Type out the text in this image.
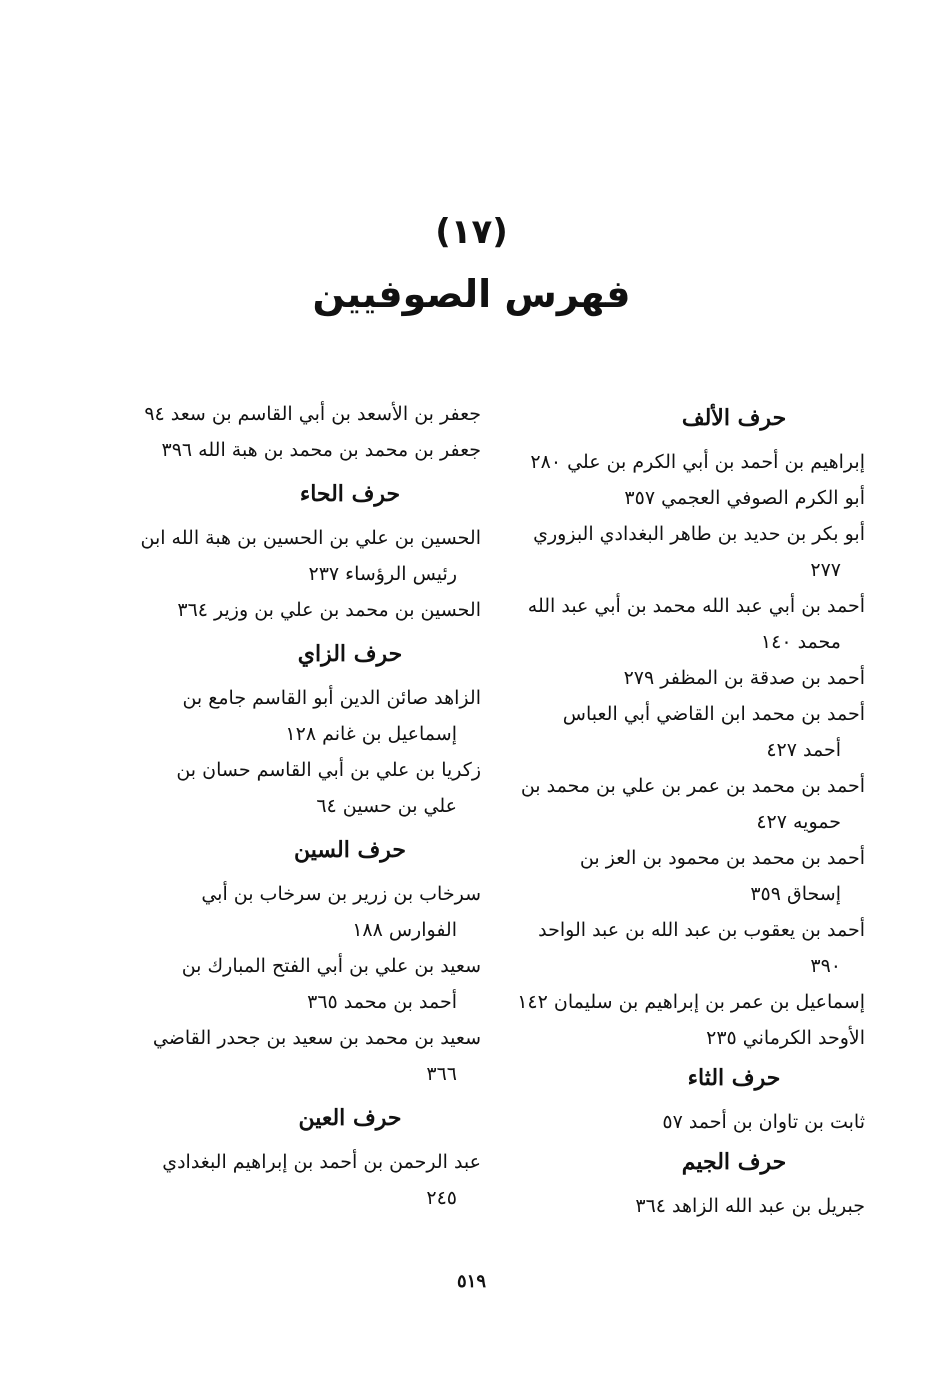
(١٧)
فهرس الصوفيين
حرف الألف
إبراهيم بن أحمد بن أبي الكرم بن علي ٢٨٠
أبو الكرم الصوفي العجمي ٣٥٧
أبو بكر بن حديد بن طاهر البغدادي البزوري
٢٧٧
أحمد بن أبي عبد الله محمد بن أبي عبد الله
محمد ١٤٠
أحمد بن صدقة بن المظفر ٢٧٩
أحمد بن محمد ابن القاضي أبي العباس
أحمد ٤٢٧
أحمد بن محمد بن عمر بن علي بن محمد بن
حمويه ٤٢٧
أحمد بن محمد بن محمود بن العز بن
إسحاق ٣٥٩
أحمد بن يعقوب بن عبد الله بن عبد الواحد
٣٩٠
إسماعيل بن عمر بن إبراهيم بن سليمان ١٤٢
الأوحد الكرماني ٢٣٥
حرف الثاء
ثابت بن تاوان بن أحمد ٥٧
حرف الجيم
جبريل بن عبد الله الزاهد ٣٦٤
جعفر بن الأسعد بن أبي القاسم بن سعد ٩٤
جعفر بن محمد بن محمد بن هبة الله ٣٩٦
حرف الحاء
الحسين بن علي بن الحسين بن هبة الله ابن
رئيس الرؤساء ٢٣٧
الحسين بن محمد بن علي بن وزير ٣٦٤
حرف الزاي
الزاهد صائن الدين أبو القاسم جامع بن
إسماعيل بن غانم ١٢٨
زكريا بن علي بن أبي القاسم حسان بن
علي بن حسين ٦٤
حرف السين
سرخاب بن زرير بن سرخاب بن أبي
الفوارس ١٨٨
سعيد بن علي بن أبي الفتح المبارك بن
أحمد بن محمد ٣٦٥
سعيد بن محمد بن سعيد بن جحدر القاضي
٣٦٦
حرف العين
عبد الرحمن بن أحمد بن إبراهيم البغدادي
٢٤٥
٥١٩
